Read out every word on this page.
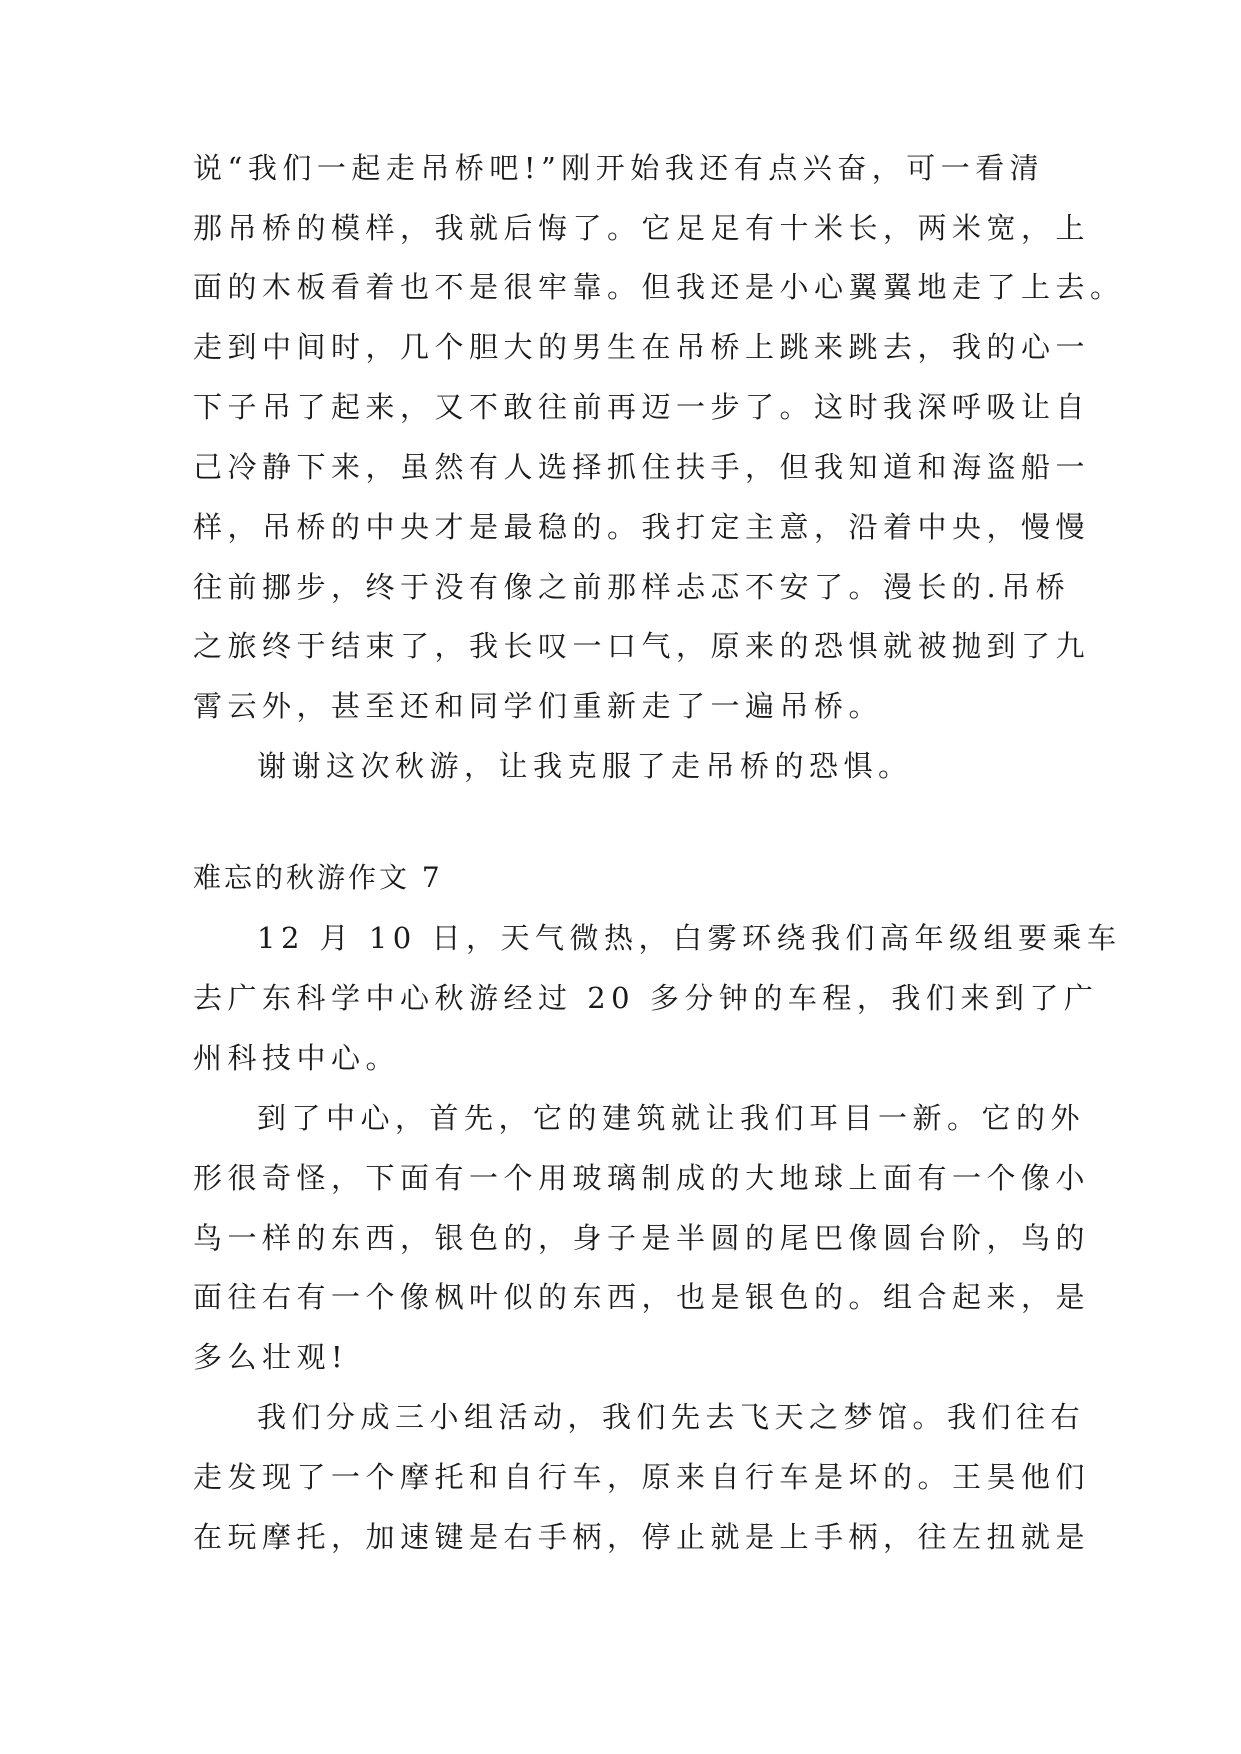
说“我们一起走吊桥吧!”刚开始我还有点兴奋，可一看清
那吊桥的模样，我就后悔了。它足足有十米长，两米宽，上
面的木板看着也不是很牢靠。但我还是小心翼翼地走了上去。
走到中间时，几个胆大的男生在吊桥上跳来跳去，我的心一
下子吊了起来，又不敢往前再迈一步了。这时我深呼吸让自
己冷静下来，虽然有人选择抓住扶手，但我知道和海盗船一
样，吊桥的中央才是最稳的。我打定主意，沿着中央，慢慢
往前挪步，终于没有像之前那样忐忑不安了。漫长的.吊桥
之旅终于结束了，我长叹一口气，原来的恐惧就被抛到了九
霄云外，甚至还和同学们重新走了一遍吊桥。
谢谢这次秋游，让我克服了走吊桥的恐惧。
难忘的秋游作文 7
12 月 10 日，天气微热，白雾环绕我们高年级组要乘车
去广东科学中心秋游经过 20 多分钟的车程，我们来到了广
州科技中心。
到了中心，首先，它的建筑就让我们耳目一新。它的外
形很奇怪，下面有一个用玻璃制成的大地球上面有一个像小
鸟一样的东西，银色的，身子是半圆的尾巴像圆台阶，鸟的
面往右有一个像枫叶似的东西，也是银色的。组合起来，是
多么壮观!
我们分成三小组活动，我们先去飞天之梦馆。我们往右
走发现了一个摩托和自行车，原来自行车是坏的。王昊他们
在玩摩托，加速键是右手柄，停止就是上手柄，往左扭就是
